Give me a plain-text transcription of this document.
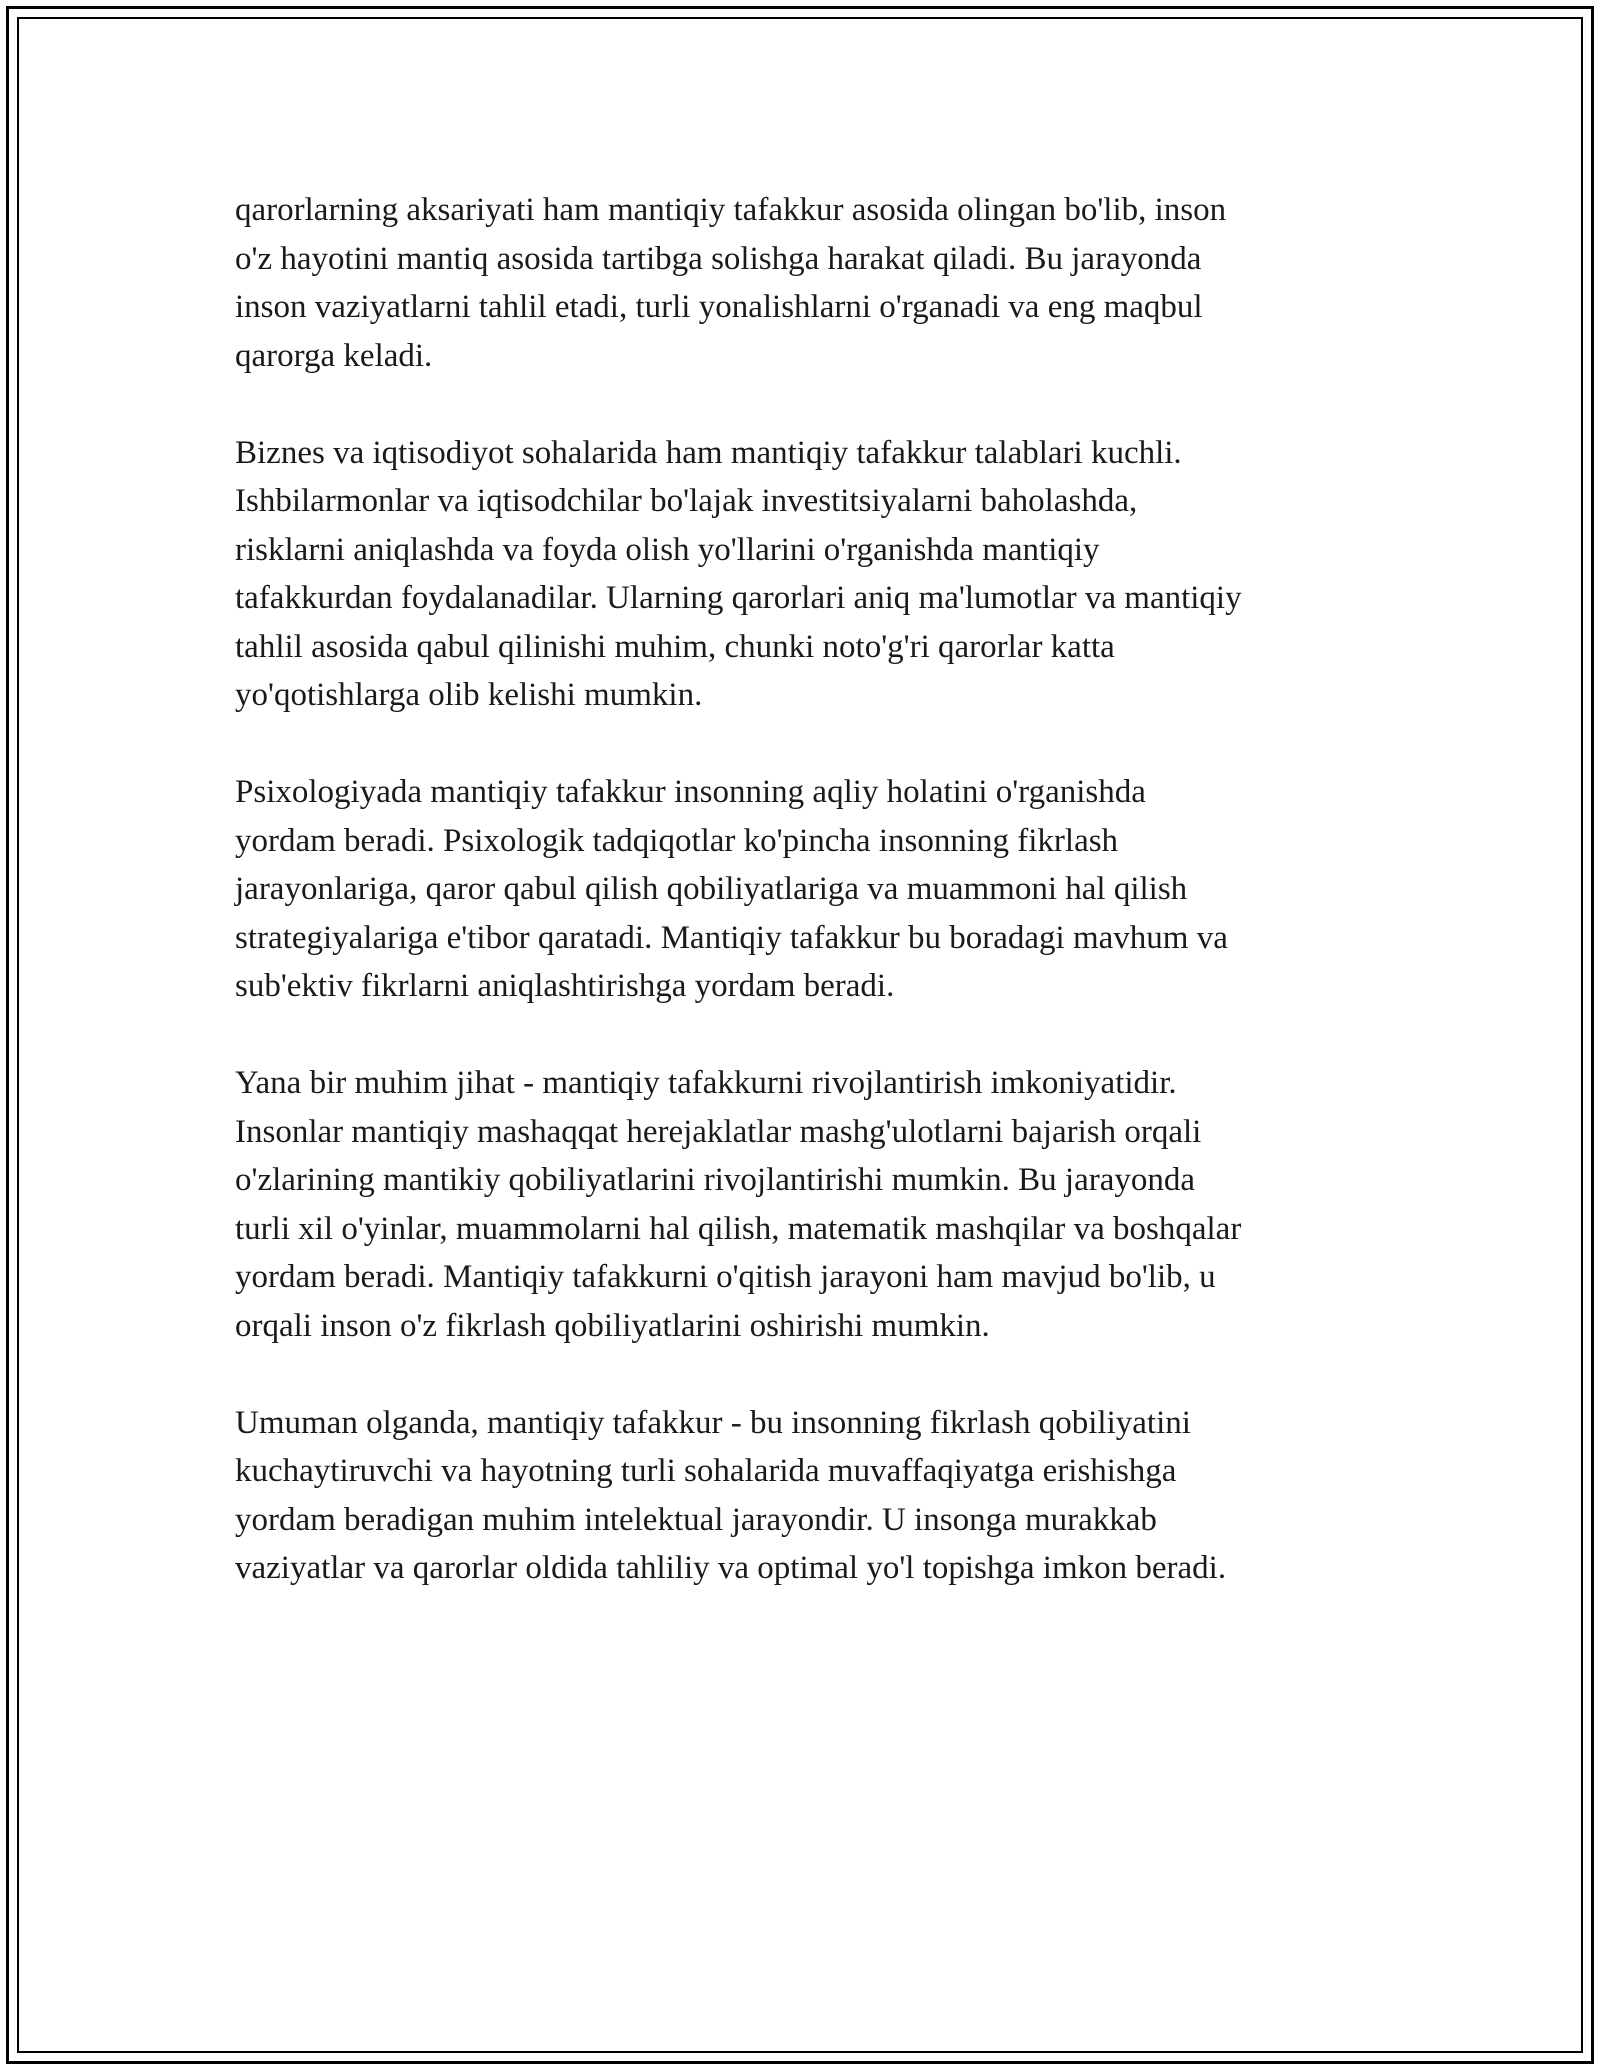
qarorlarning aksariyati ham mantiqiy tafakkur asosida olingan bo'lib, inson
o'z hayotini mantiq asosida tartibga solishga harakat qiladi. Bu jarayonda
inson vaziyatlarni tahlil etadi, turli yonalishlarni o'rganadi va eng maqbul
qarorga keladi.

Biznes va iqtisodiyot sohalarida ham mantiqiy tafakkur talablari kuchli.
Ishbilarmonlar va iqtisodchilar bo'lajak investitsiyalarni baholashda,
risklarni aniqlashda va foyda olish yo'llarini o'rganishda mantiqiy
tafakkurdan foydalanadilar. Ularning qarorlari aniq ma'lumotlar va mantiqiy
tahlil asosida qabul qilinishi muhim, chunki noto'g'ri qarorlar katta
yo'qotishlarga olib kelishi mumkin.

Psixologiyada mantiqiy tafakkur insonning aqliy holatini o'rganishda
yordam beradi. Psixologik tadqiqotlar ko'pincha insonning fikrlash
jarayonlariga, qaror qabul qilish qobiliyatlariga va muammoni hal qilish
strategiyalariga e'tibor qaratadi. Mantiqiy tafakkur bu boradagi mavhum va
sub'ektiv fikrlarni aniqlashtirishga yordam beradi.

Yana bir muhim jihat - mantiqiy tafakkurni rivojlantirish imkoniyatidir.
Insonlar mantiqiy mashaqqat herejaklatlar mashg'ulotlarni bajarish orqali
o'zlarining mantikiy qobiliyatlarini rivojlantirishi mumkin. Bu jarayonda
turli xil o'yinlar, muammolarni hal qilish, matematik mashqilar va boshqalar
yordam beradi. Mantiqiy tafakkurni o'qitish jarayoni ham mavjud bo'lib, u
orqali inson o'z fikrlash qobiliyatlarini oshirishi mumkin.

Umuman olganda, mantiqiy tafakkur - bu insonning fikrlash qobiliyatini
kuchaytiruvchi va hayotning turli sohalarida muvaffaqiyatga erishishga
yordam beradigan muhim intelektual jarayondir. U insonga murakkab
vaziyatlar va qarorlar oldida tahliliy va optimal yo'l topishga imkon beradi.
